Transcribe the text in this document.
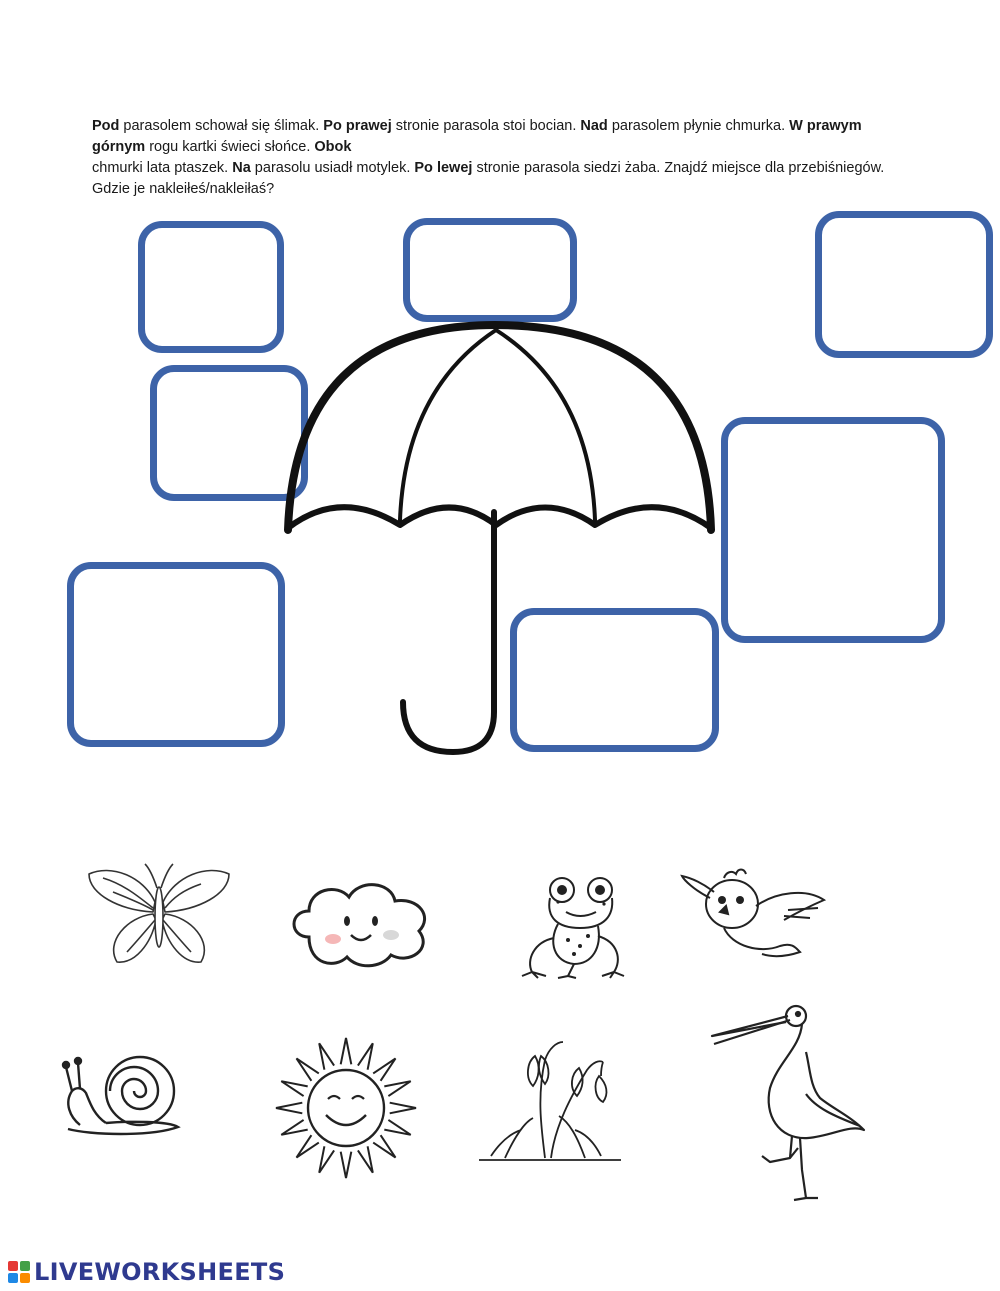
Pod parasolem schował się ślimak. Po prawej stronie parasola stoi bocian. Nad parasolem płynie chmurka. W prawym górnym rogu kartki świeci słońce. Obok

chmurki lata ptaszek. Na parasolu usiadł motylek. Po lewej stronie parasola siedzi żaba. Znajdź miejsce dla przebiśniegów. Gdzie je nakleiłeś/nakleiłaś?

LIVEWORKSHEETS
